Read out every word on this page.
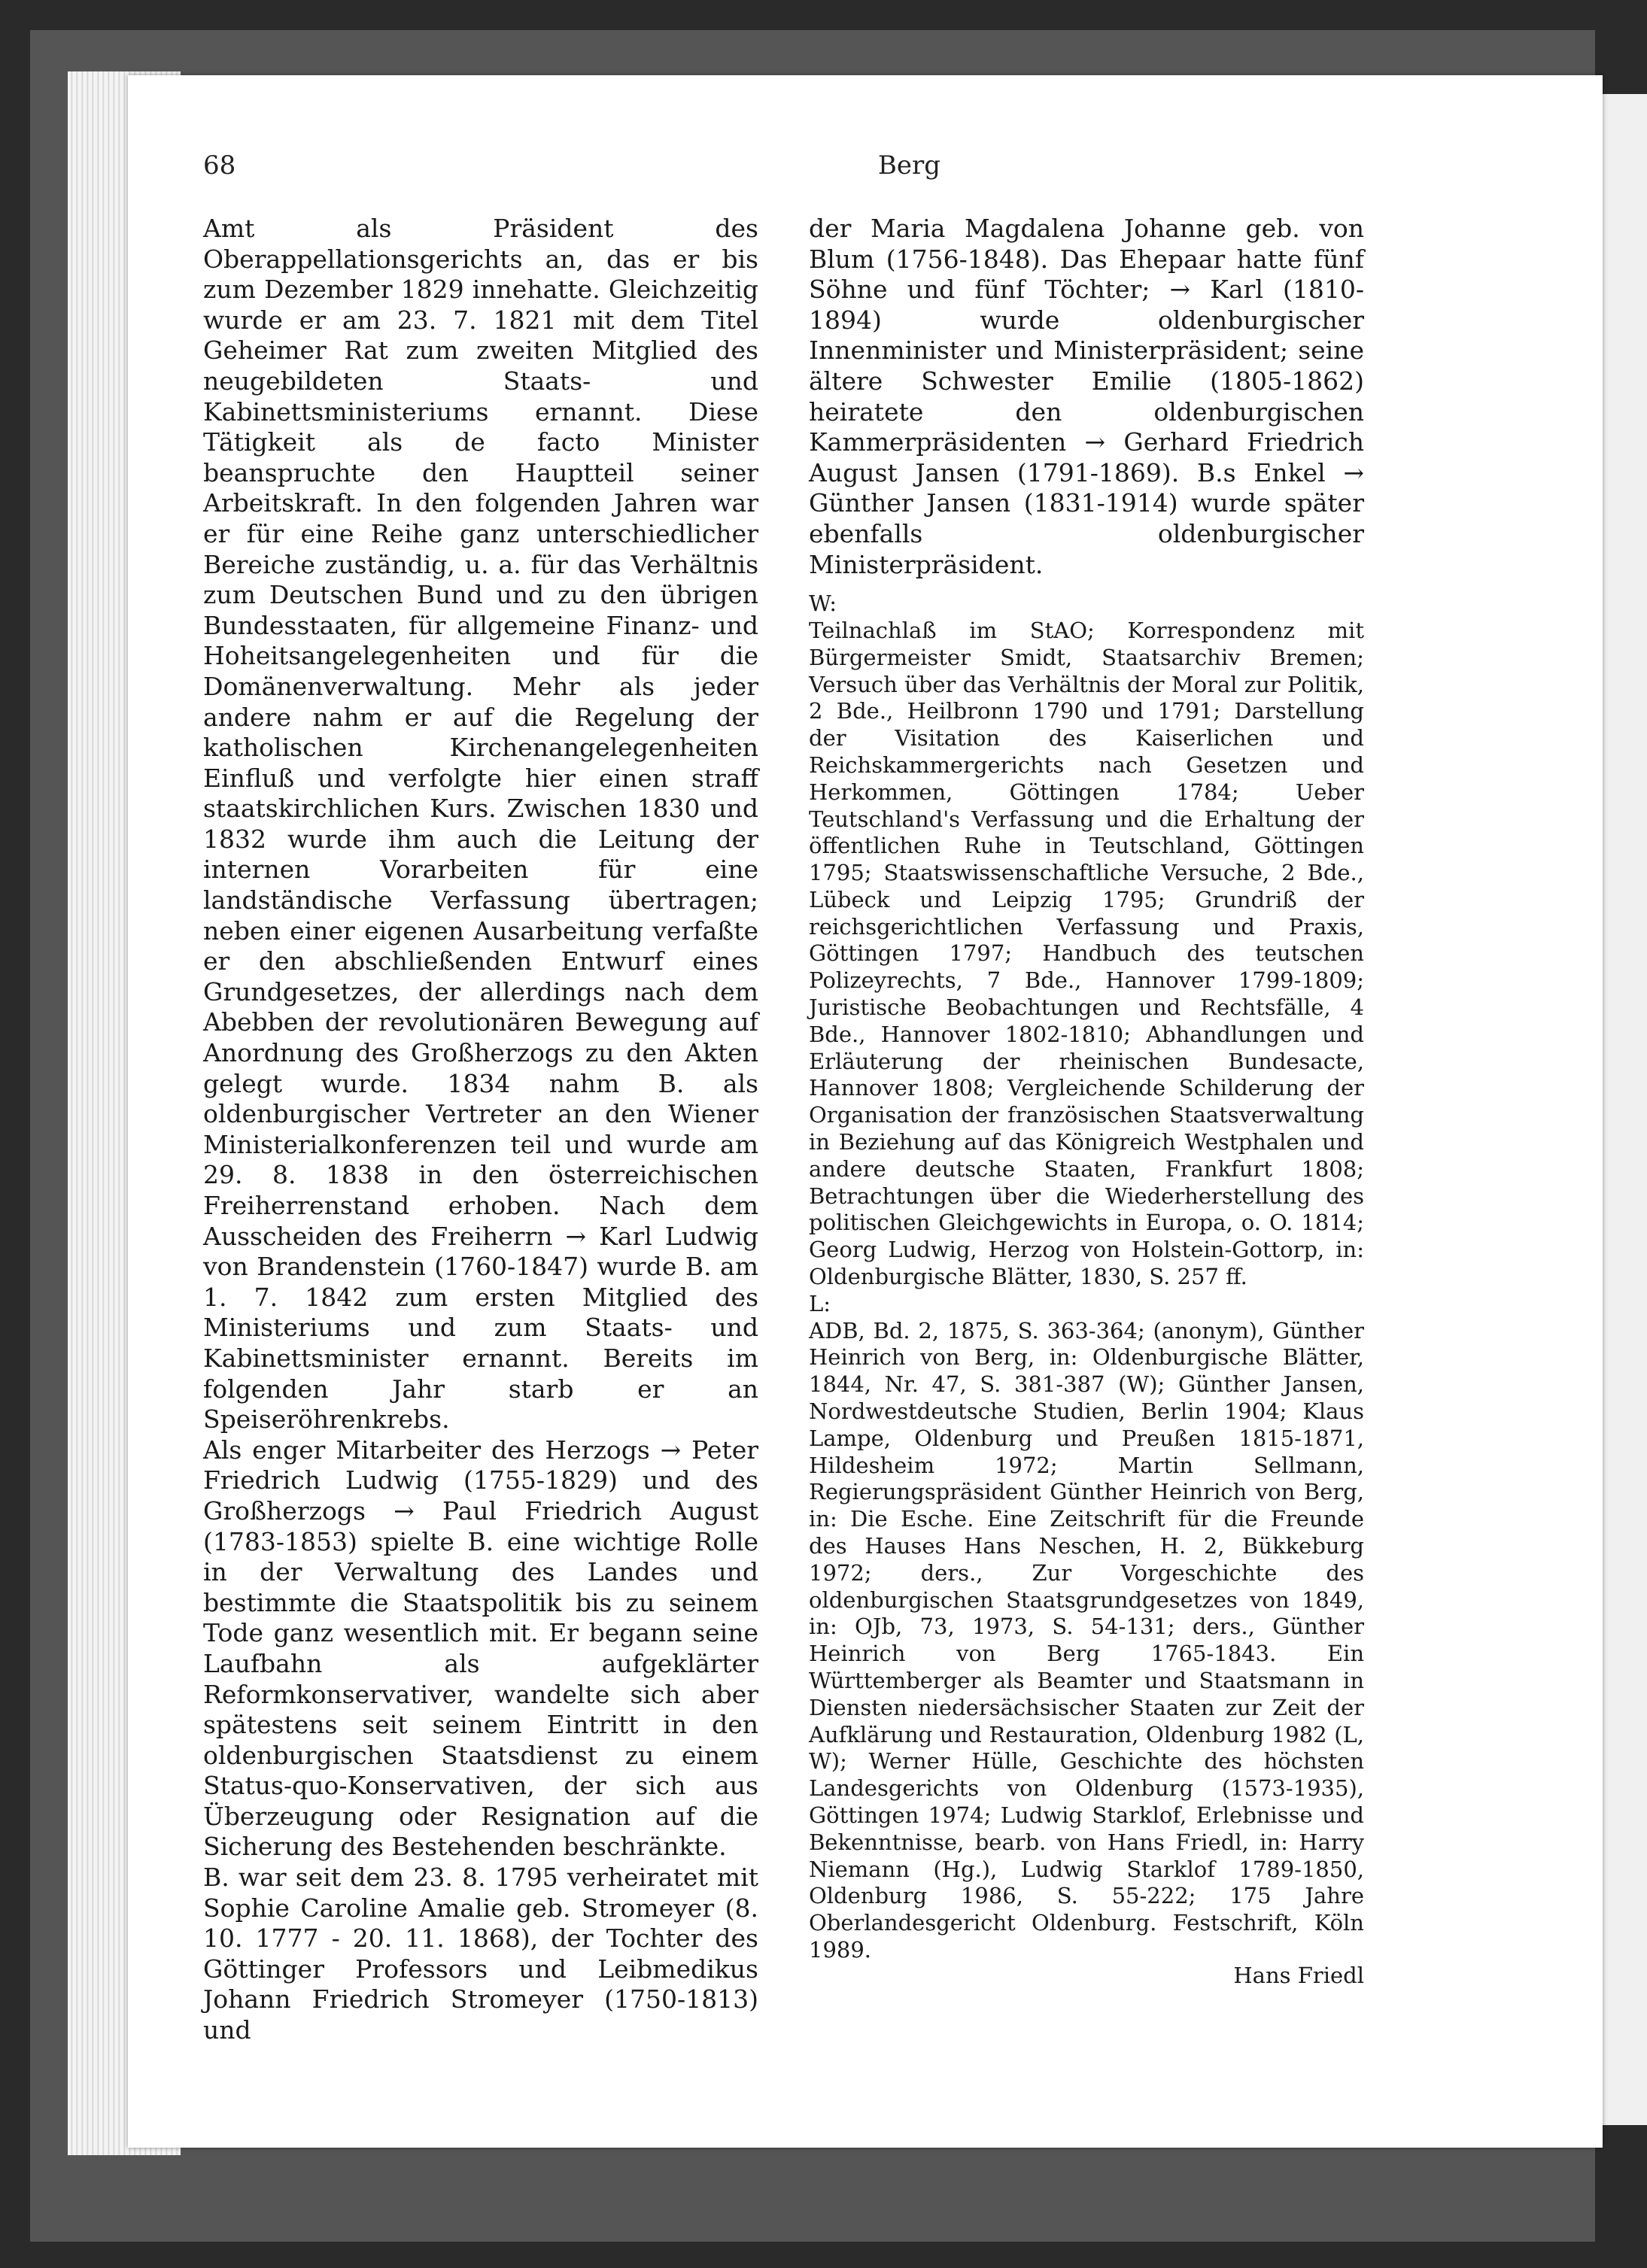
68	Berg

Amt als Präsident des Oberappellationsgerichts an, das er bis zum Dezember 1829 innehatte. Gleichzeitig wurde er am 23. 7. 1821 mit dem Titel Geheimer Rat zum zweiten Mitglied des neugebildeten Staats- und Kabinettsministeriums ernannt. Diese Tätigkeit als de facto Minister beanspruchte den Hauptteil seiner Arbeitskraft. In den folgenden Jahren war er für eine Reihe ganz unterschiedlicher Bereiche zuständig, u. a. für das Verhältnis zum Deutschen Bund und zu den übrigen Bundesstaaten, für allgemeine Finanz- und Hoheitsangelegenheiten und für die Domänenverwaltung. Mehr als jeder andere nahm er auf die Regelung der katholischen Kirchenangelegenheiten Einfluß und verfolgte hier einen straff staatskirchlichen Kurs. Zwischen 1830 und 1832 wurde ihm auch die Leitung der internen Vorarbeiten für eine landständische Verfassung übertragen; neben einer eigenen Ausarbeitung verfaßte er den abschließenden Entwurf eines Grundgesetzes, der allerdings nach dem Abebben der revolutionären Bewegung auf Anordnung des Großherzogs zu den Akten gelegt wurde. 1834 nahm B. als oldenburgischer Vertreter an den Wiener Ministerialkonferenzen teil und wurde am 29. 8. 1838 in den österreichischen Freiherrenstand erhoben. Nach dem Ausscheiden des Freiherrn → Karl Ludwig von Brandenstein (1760-1847) wurde B. am 1. 7. 1842 zum ersten Mitglied des Ministeriums und zum Staats- und Kabinettsminister ernannt. Bereits im folgenden Jahr starb er an Speiseröhrenkrebs.

Als enger Mitarbeiter des Herzogs → Peter Friedrich Ludwig (1755-1829) und des Großherzogs → Paul Friedrich August (1783-1853) spielte B. eine wichtige Rolle in der Verwaltung des Landes und bestimmte die Staatspolitik bis zu seinem Tode ganz wesentlich mit. Er begann seine Laufbahn als aufgeklärter Reformkonservativer, wandelte sich aber spätestens seit seinem Eintritt in den oldenburgischen Staatsdienst zu einem Status-quo-Konservativen, der sich aus Überzeugung oder Resignation auf die Sicherung des Bestehenden beschränkte.

B. war seit dem 23. 8. 1795 verheiratet mit Sophie Caroline Amalie geb. Stromeyer (8. 10. 1777 - 20. 11. 1868), der Tochter des Göttinger Professors und Leibmedikus Johann Friedrich Stromeyer (1750-1813) und

der Maria Magdalena Johanne geb. von Blum (1756-1848). Das Ehepaar hatte fünf Söhne und fünf Töchter; → Karl (1810-1894) wurde oldenburgischer Innenminister und Ministerpräsident; seine ältere Schwester Emilie (1805-1862) heiratete den oldenburgischen Kammerpräsidenten → Gerhard Friedrich August Jansen (1791-1869). B.s Enkel → Günther Jansen (1831-1914) wurde später ebenfalls oldenburgischer Ministerpräsident.

W:
Teilnachlaß im StAO; Korrespondenz mit Bürgermeister Smidt, Staatsarchiv Bremen; Versuch über das Verhältnis der Moral zur Politik, 2 Bde., Heilbronn 1790 und 1791; Darstellung der Visitation des Kaiserlichen und Reichskammergerichts nach Gesetzen und Herkommen, Göttingen 1784; Ueber Teutschland's Verfassung und die Erhaltung der öffentlichen Ruhe in Teutschland, Göttingen 1795; Staatswissenschaftliche Versuche, 2 Bde., Lübeck und Leipzig 1795; Grundriß der reichsgerichtlichen Verfassung und Praxis, Göttingen 1797; Handbuch des teutschen Polizeyrechts, 7 Bde., Hannover 1799-1809; Juristische Beobachtungen und Rechtsfälle, 4 Bde., Hannover 1802-1810; Abhandlungen und Erläuterung der rheinischen Bundesacte, Hannover 1808; Vergleichende Schilderung der Organisation der französischen Staatsverwaltung in Beziehung auf das Königreich Westphalen und andere deutsche Staaten, Frankfurt 1808; Betrachtungen über die Wiederherstellung des politischen Gleichgewichts in Europa, o. O. 1814; Georg Ludwig, Herzog von Holstein-Gottorp, in: Oldenburgische Blätter, 1830, S. 257 ff.
L:
ADB, Bd. 2, 1875, S. 363-364; (anonym), Günther Heinrich von Berg, in: Oldenburgische Blätter, 1844, Nr. 47, S. 381-387 (W); Günther Jansen, Nordwestdeutsche Studien, Berlin 1904; Klaus Lampe, Oldenburg und Preußen 1815-1871, Hildesheim 1972; Martin Sellmann, Regierungspräsident Günther Heinrich von Berg, in: Die Esche. Eine Zeitschrift für die Freunde des Hauses Hans Neschen, H. 2, Bükkeburg 1972; ders., Zur Vorgeschichte des oldenburgischen Staatsgrundgesetzes von 1849, in: OJb, 73, 1973, S. 54-131; ders., Günther Heinrich von Berg 1765-1843. Ein Württemberger als Beamter und Staatsmann in Diensten niedersächsischer Staaten zur Zeit der Aufklärung und Restauration, Oldenburg 1982 (L, W); Werner Hülle, Geschichte des höchsten Landesgerichts von Oldenburg (1573-1935), Göttingen 1974; Ludwig Starklof, Erlebnisse und Bekenntnisse, bearb. von Hans Friedl, in: Harry Niemann (Hg.), Ludwig Starklof 1789-1850, Oldenburg 1986, S. 55-222; 175 Jahre Oberlandesgericht Oldenburg. Festschrift, Köln 1989.
Hans Friedl
